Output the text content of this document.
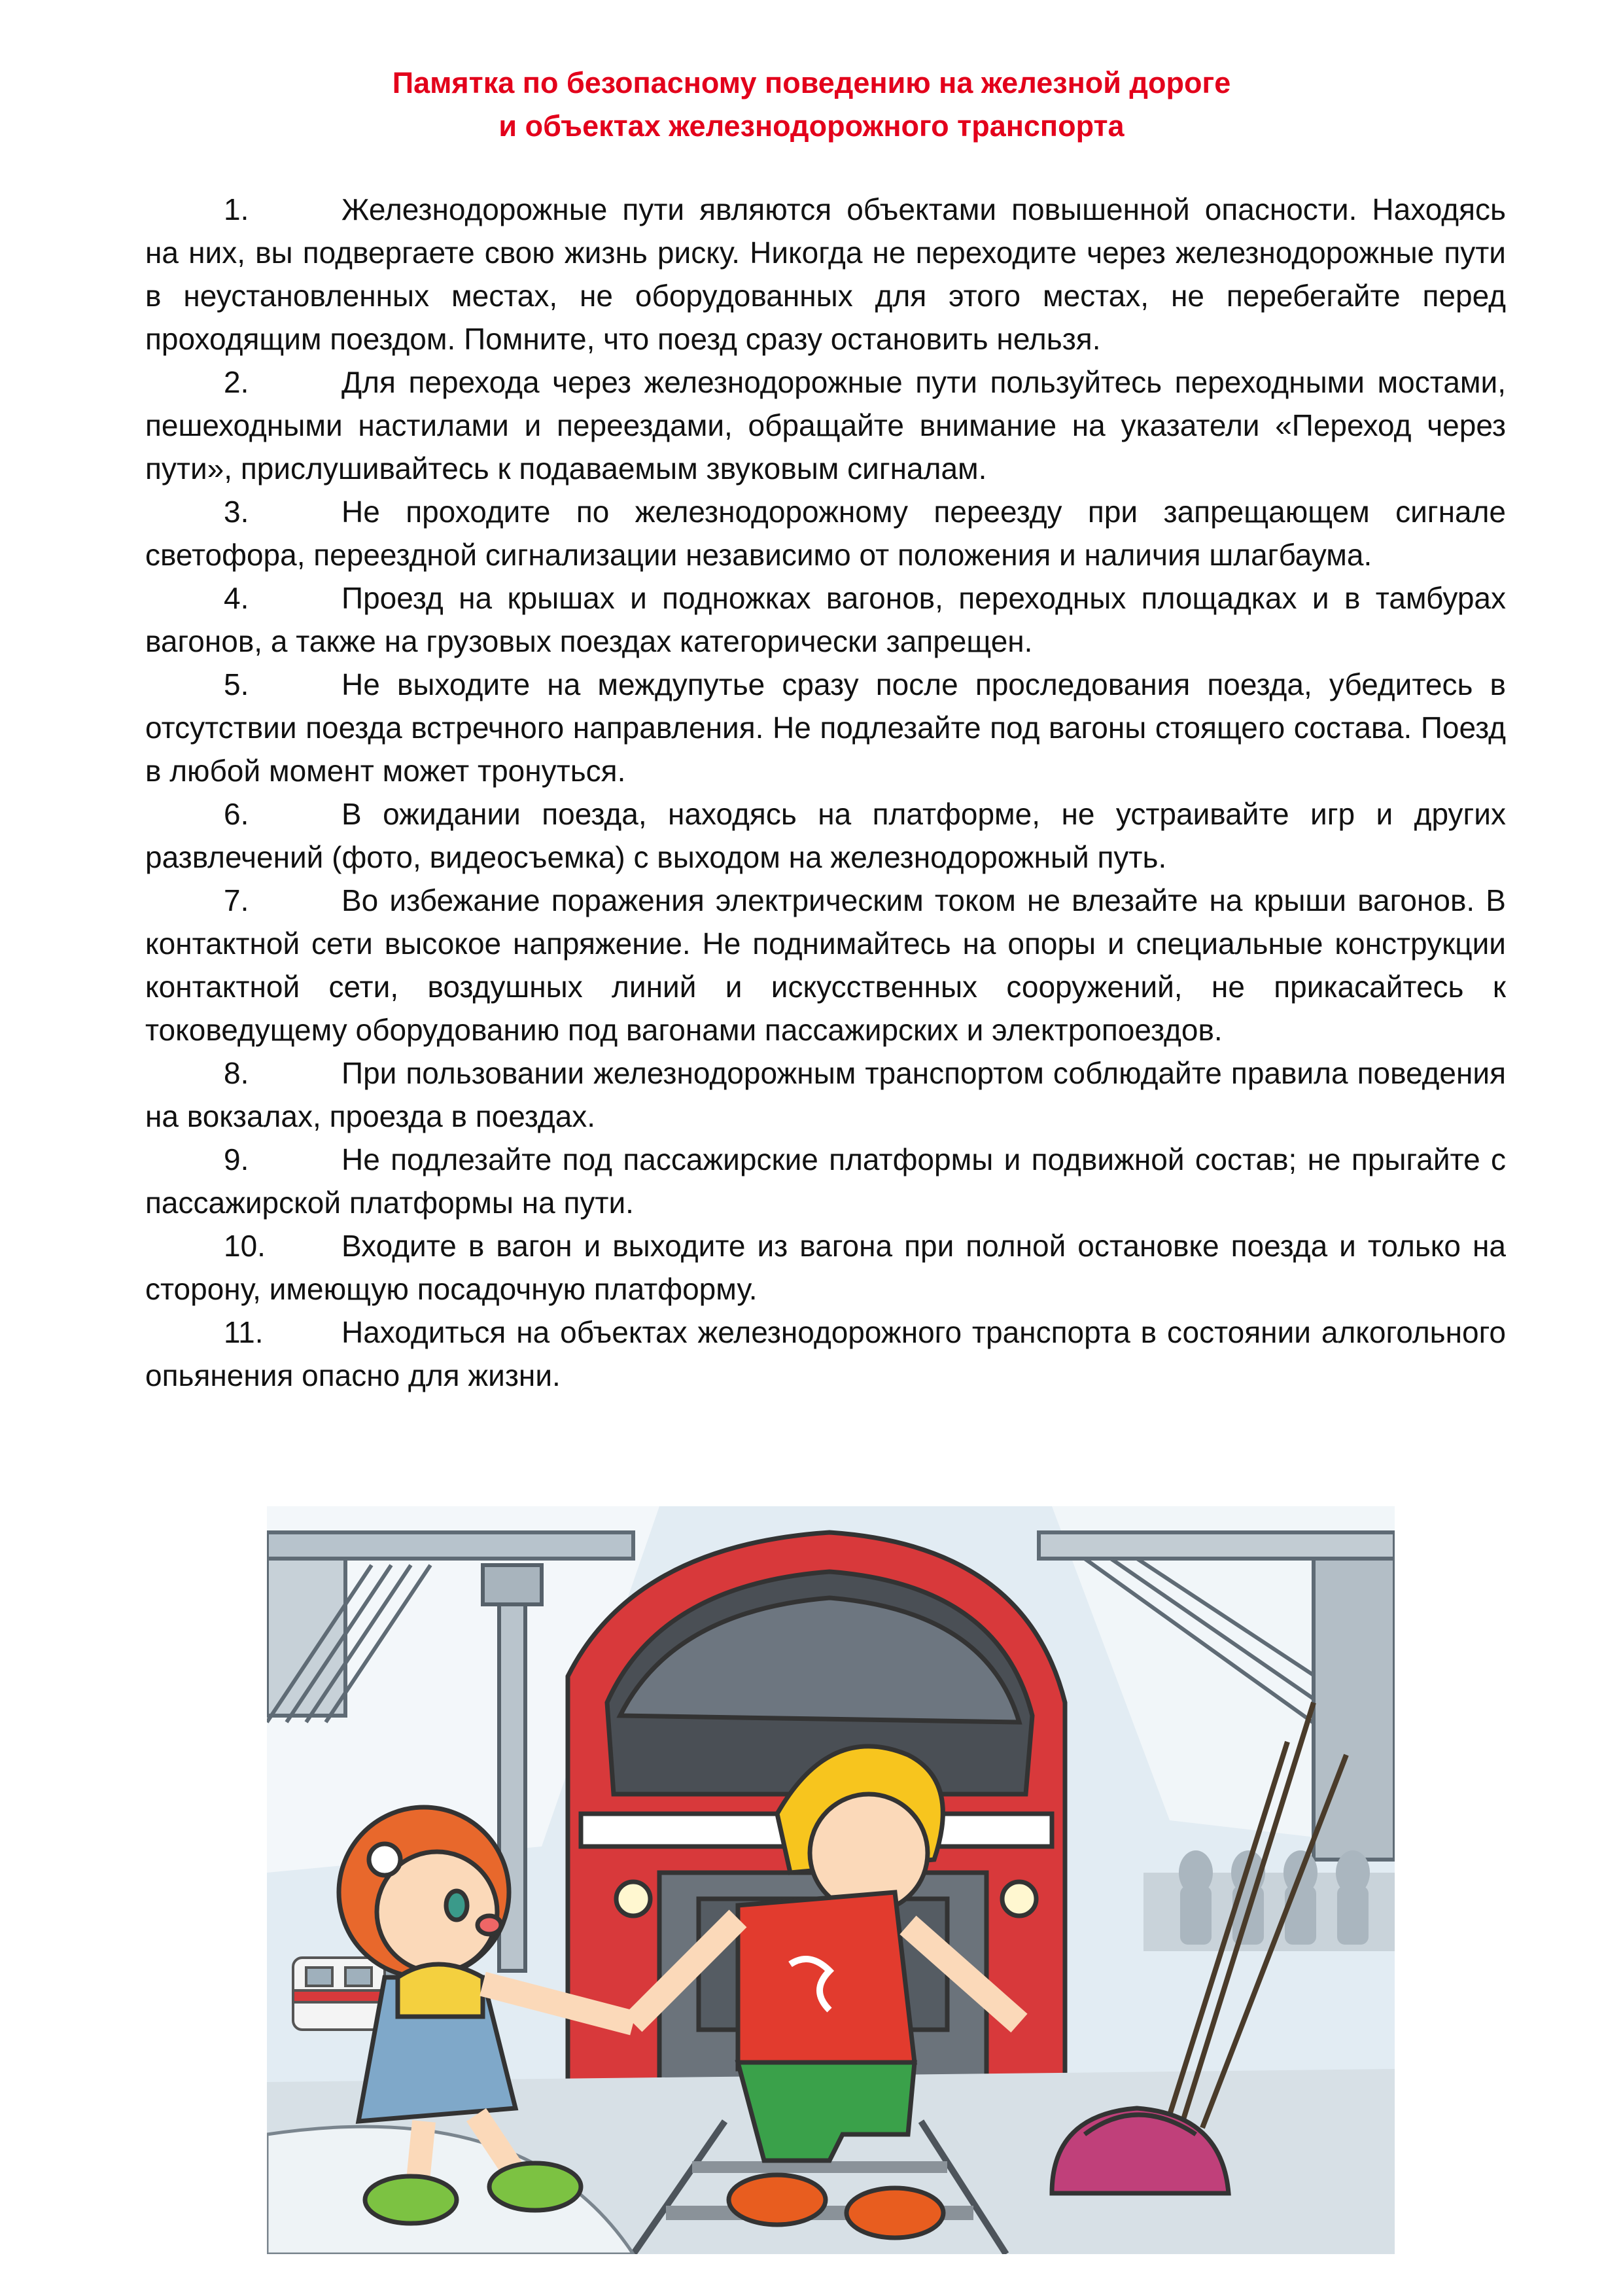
Памятка по безопасному поведению на железной дороге
и объектах железнодорожного транспорта
1.	Железнодорожные пути являются объектами повышенной опасности. Находясь на них, вы подвергаете свою жизнь риску. Никогда не переходите через железнодорожные пути в неустановленных местах, не оборудованных для этого местах, не перебегайте перед проходящим поездом. Помните, что поезд сразу остановить нельзя.
2.	Для перехода через железнодорожные пути пользуйтесь переходными мостами, пешеходными настилами и переездами, обращайте внимание на указатели «Переход через пути», прислушивайтесь к подаваемым звуковым сигналам.
3.	Не проходите по железнодорожному переезду при запрещающем сигнале светофора, переездной сигнализации независимо от положения и наличия шлагбаума.
4.	Проезд на крышах и подножках вагонов, переходных площадках и в тамбурах вагонов, а также на грузовых поездах категорически запрещен.
5.	Не выходите на междупутье сразу после проследования поезда, убедитесь в отсутствии поезда встречного направления. Не подлезайте под вагоны стоящего состава. Поезд в любой момент может тронуться.
6.	В ожидании поезда, находясь на платформе, не устраивайте игр и других развлечений (фото, видеосъемка) с выходом на железнодорожный путь.
7.	Во избежание поражения электрическим током не влезайте на крыши вагонов. В контактной сети высокое напряжение. Не поднимайтесь на опоры и специальные конструкции контактной сети, воздушных линий и искусственных сооружений, не прикасайтесь к токоведущему оборудованию под вагонами пассажирских и электропоездов.
8.	При пользовании железнодорожным транспортом соблюдайте правила поведения на вокзалах, проезда в поездах.
9.	Не подлезайте под пассажирские платформы и подвижной состав; не прыгайте с пассажирской платформы на пути.
10.	Входите в вагон и выходите из вагона при полной остановке поезда и только на сторону, имеющую посадочную платформу.
11.	Находиться на объектах железнодорожного транспорта в состоянии алкогольного опьянения опасно для жизни.
